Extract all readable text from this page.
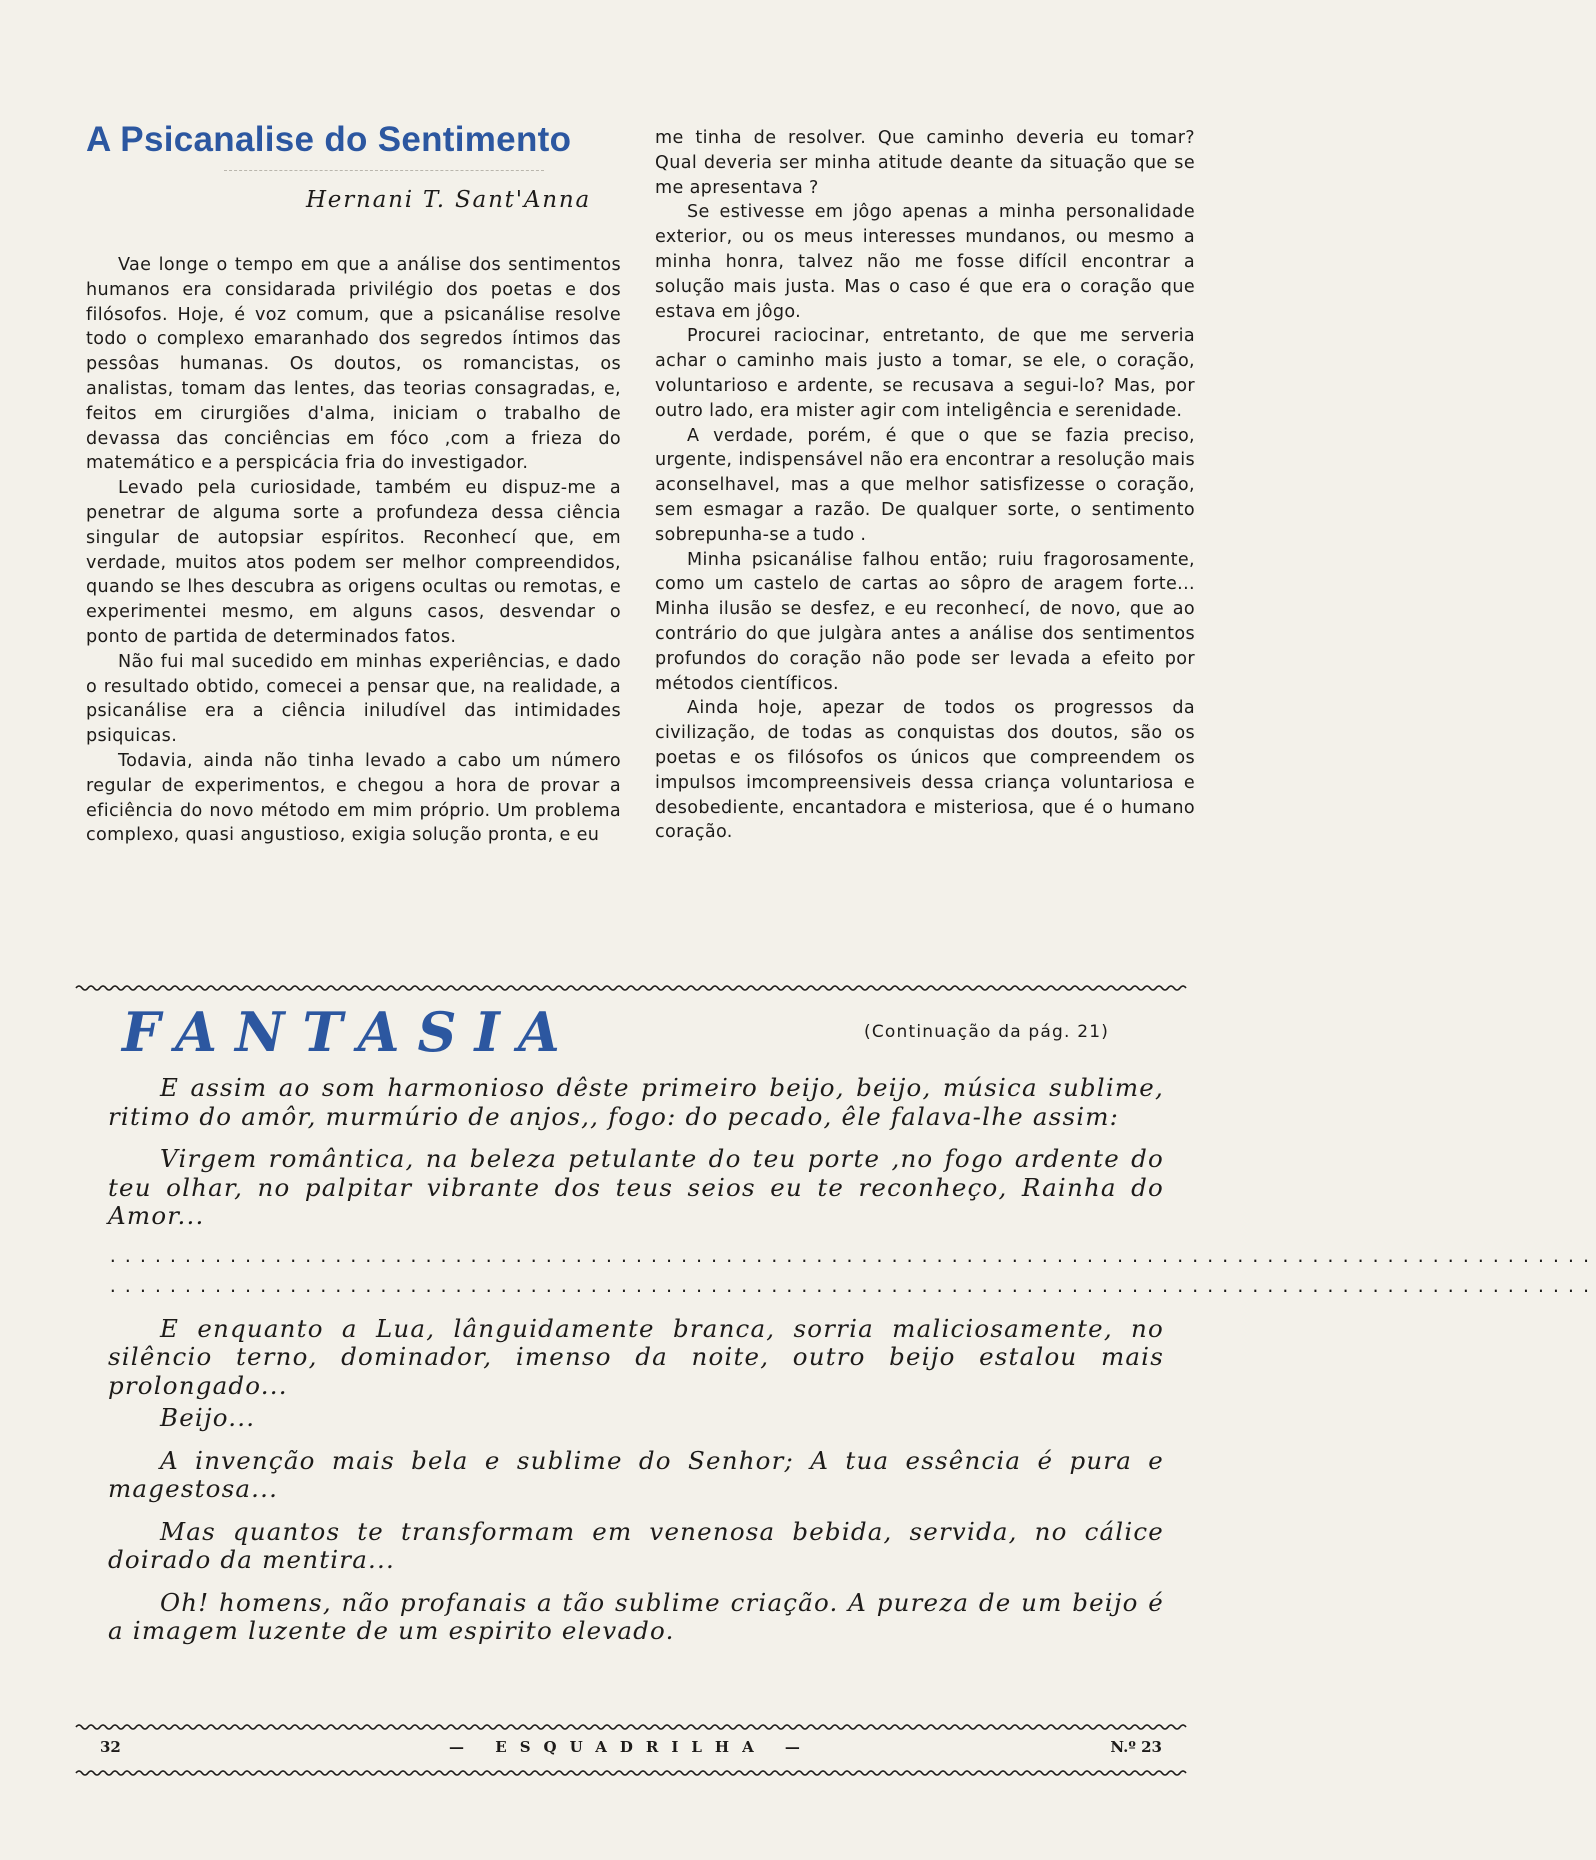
A Psicanalise do Sentimento
Hernani T. Sant'Anna

Vae longe o tempo em que a análise dos sentimentos humanos era considarada privilégio dos poetas e dos filósofos. Hoje, é voz comum, que a psicanálise resolve todo o complexo emaranhado dos segredos íntimos das pessôas humanas. Os doutos, os romancistas, os analistas, tomam das lentes, das teorias consagradas, e, feitos em cirurgiões d'alma, iniciam o trabalho de devassa das conciências em fóco ,com a frieza do matemático e a perspicácia fria do investigador.

Levado pela curiosidade, também eu dispuz-me a penetrar de alguma sorte a profundeza dessa ciência singular de autopsiar espíritos. Reconhecí que, em verdade, muitos atos podem ser melhor compreendidos, quando se lhes descubra as origens ocultas ou remotas, e experimentei mesmo, em alguns casos, desvendar o ponto de partida de determinados fatos.

Não fui mal sucedido em minhas experiências, e dado o resultado obtido, comecei a pensar que, na realidade, a psicanálise era a ciência iniludível das intimidades psiquicas.

Todavia, ainda não tinha levado a cabo um número regular de experimentos, e chegou a hora de provar a eficiência do novo método em mim próprio. Um problema complexo, quasi angustioso, exigia solução pronta, e eu

me tinha de resolver. Que caminho deveria eu tomar? Qual deveria ser minha atitude deante da situação que se me apresentava ?

Se estivesse em jôgo apenas a minha personalidade exterior, ou os meus interesses mundanos, ou mesmo a minha honra, talvez não me fosse difícil encontrar a solução mais justa. Mas o caso é que era o coração que estava em jôgo.

Procurei raciocinar, entretanto, de que me serveria achar o caminho mais justo a tomar, se ele, o coração, voluntarioso e ardente, se recusava a segui-lo? Mas, por outro lado, era mister agir com inteligência e serenidade.

A verdade, porém, é que o que se fazia preciso, urgente, indispensável não era encontrar a resolução mais aconselhavel, mas a que melhor satisfizesse o coração, sem esmagar a razão. De qualquer sorte, o sentimento sobrepunha-se a tudo .

Minha psicanálise falhou então; ruiu fragorosamente, como um castelo de cartas ao sôpro de aragem forte... Minha ilusão se desfez, e eu reconhecí, de novo, que ao contrário do que julgàra antes a análise dos sentimentos profundos do coração não pode ser levada a efeito por métodos científicos.

Ainda hoje, apezar de todos os progressos da civilização, de todas as conquistas dos doutos, são os poetas e os filósofos os únicos que compreendem os impulsos imcompreensiveis dessa criança voluntariosa e desobediente, encantadora e misteriosa, que é o humano coração.

FANTASIA	(Continuação da pág. 21)

E assim ao som harmonioso dêste primeiro beijo, beijo, música sublime, ritimo do amôr, murmúrio de anjos,, fogo: do pecado, êle falava-lhe assim:

Virgem romântica, na beleza petulante do teu porte ,no fogo ardente do teu olhar, no palpitar vibrante dos teus seios eu te reconheço, Rainha do Amor...

...................................................................................................
...................................................................................................

E enquanto a Lua, lânguidamente branca, sorria maliciosamente, no silêncio terno, dominador, imenso da noite, outro beijo estalou mais prolongado...

Beijo...

A invenção mais bela e sublime do Senhor; A tua essência é pura e magestosa...

Mas quantos te transformam em venenosa bebida, servida, no cálice doirado da mentira...

Oh! homens, não profanais a tão sublime criação. A pureza de um beijo é a imagem luzente de um espirito elevado.

32	— ESQUADRILHA —	N.º 23
